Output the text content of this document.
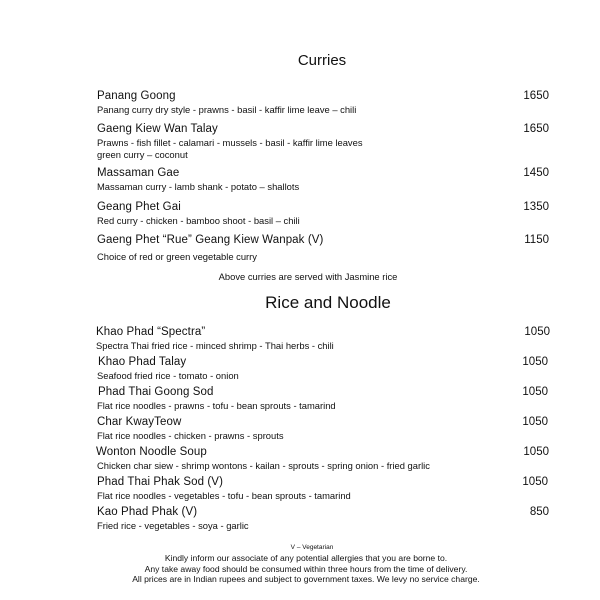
Curries
Panang Goong	1650
Panang curry dry style - prawns - basil - kaffir lime leave – chili
Gaeng Kiew Wan Talay	1650
Prawns - fish fillet - calamari - mussels - basil - kaffir lime leaves
green curry – coconut
Massaman Gae	1450
Massaman curry - lamb shank - potato – shallots
Geang Phet Gai	1350
Red curry - chicken - bamboo shoot - basil – chili
Gaeng Phet “Rue” Geang Kiew Wanpak (V)	1150
Choice of red or green vegetable curry
Above curries are served with Jasmine rice
Rice and Noodle
Khao Phad “Spectra”	1050
Spectra Thai fried rice - minced shrimp - Thai herbs - chili
Khao Phad Talay	1050
Seafood fried rice - tomato - onion
Phad Thai Goong Sod	1050
Flat rice noodles - prawns - tofu - bean sprouts - tamarind
Char KwayTeow	1050
Flat rice noodles - chicken - prawns - sprouts
Wonton Noodle Soup	1050
Chicken char siew - shrimp wontons - kailan - sprouts - spring onion - fried garlic
Phad Thai Phak Sod (V)	1050
Flat rice noodles - vegetables - tofu - bean sprouts - tamarind
Kao Phad Phak (V)	850
Fried rice - vegetables - soya - garlic
V – Vegetarian
Kindly inform our associate of any potential allergies that you are borne to.
Any take away food should be consumed within three hours from the time of delivery.
All prices are in Indian rupees and subject to government taxes. We levy no service charge.
